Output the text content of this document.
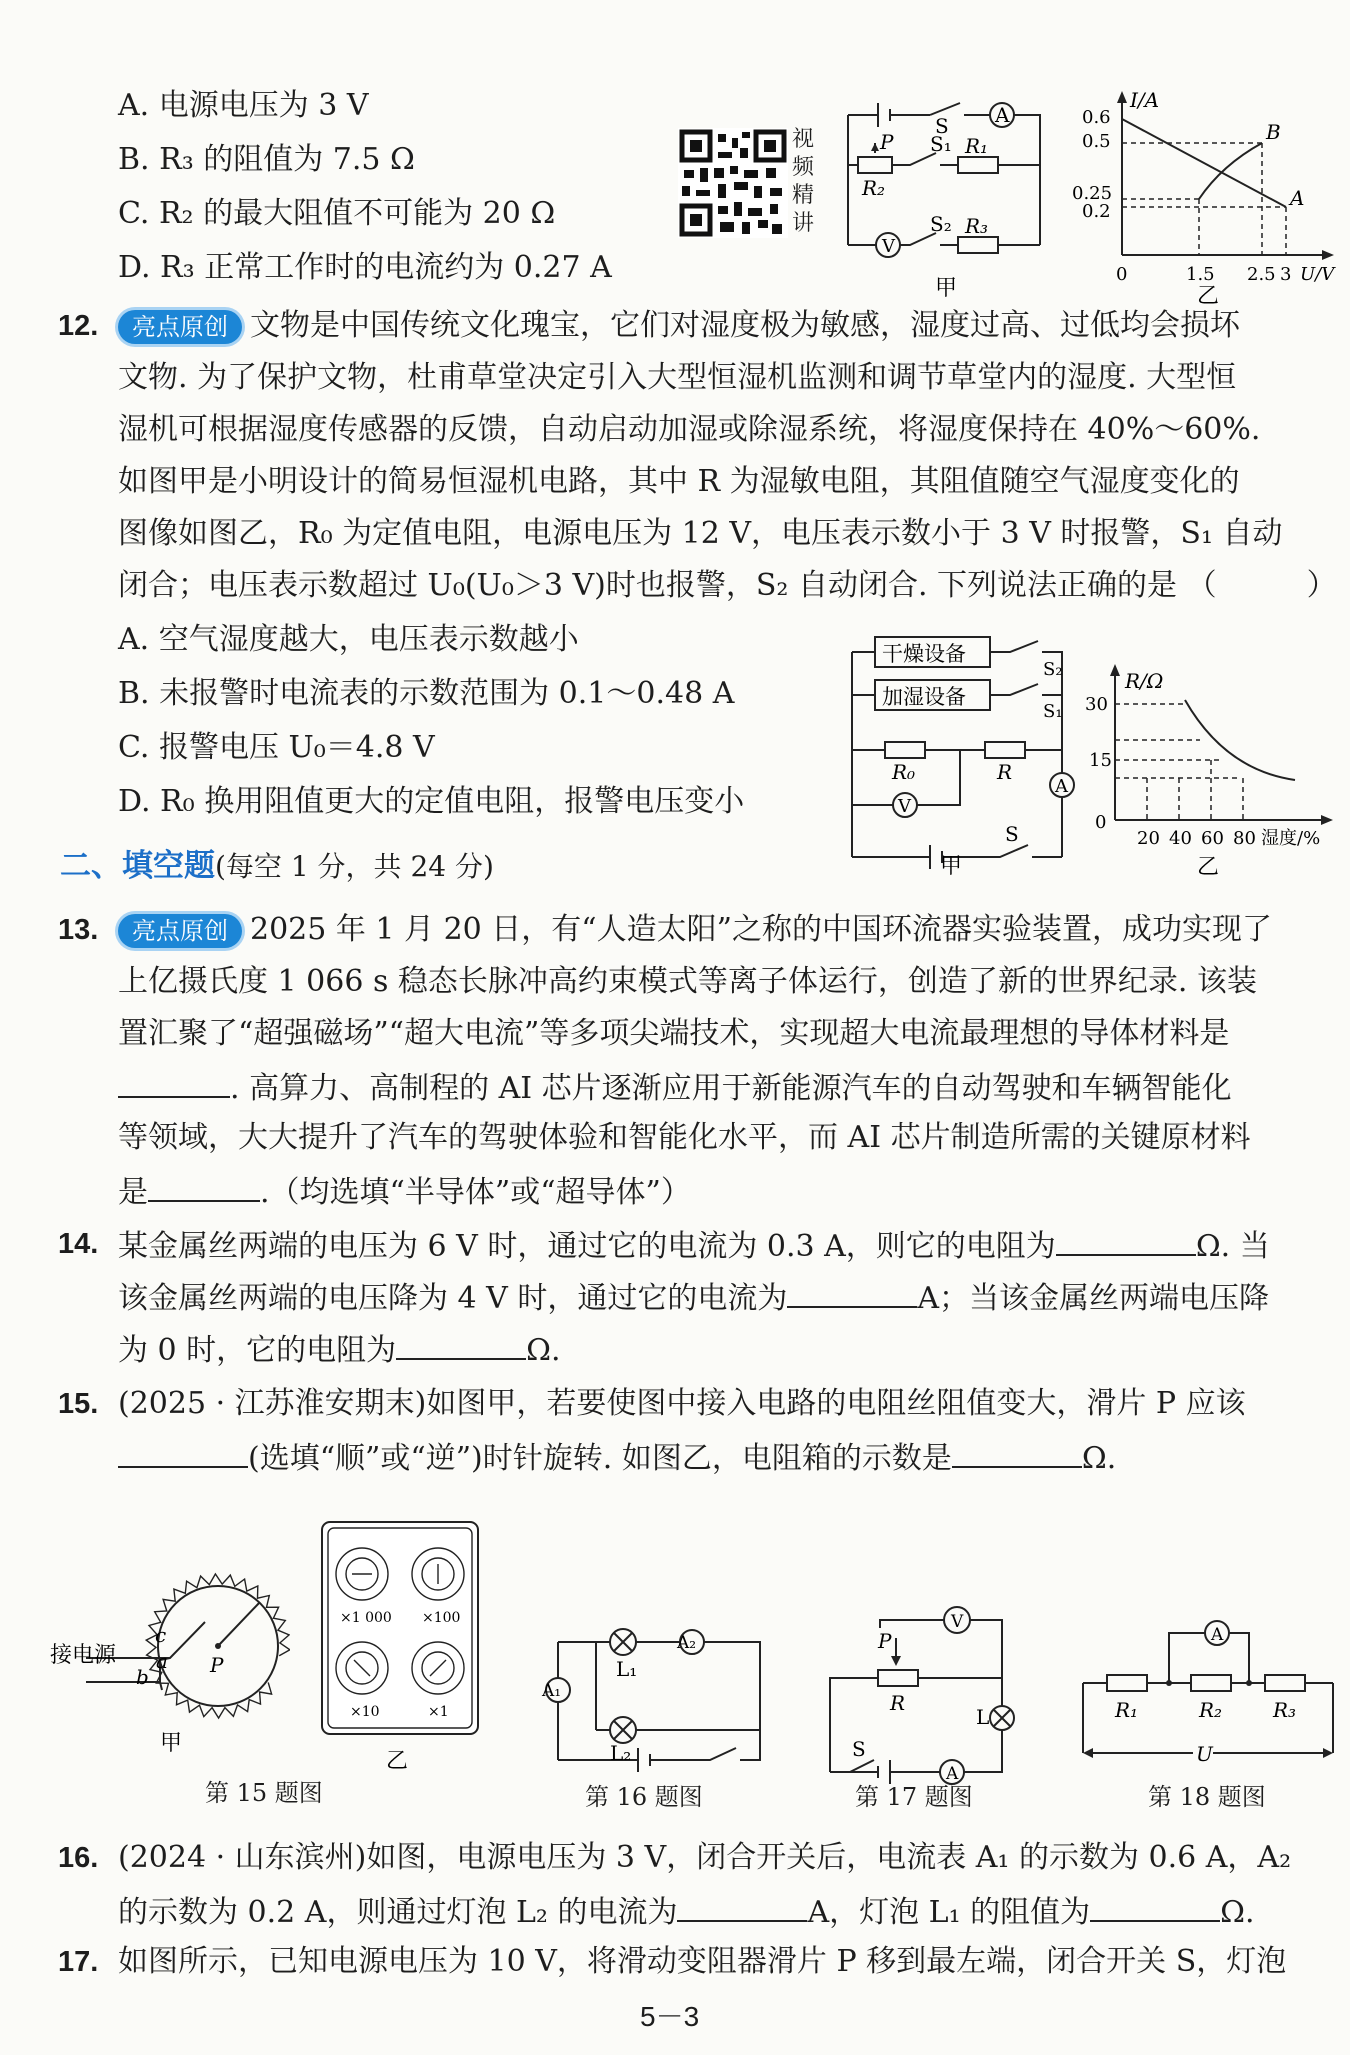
A. 电源电压为 3 V
B. R₃ 的阻值为 7.5 Ω
C. R₂ 的最大阻值不可能为 20 Ω
D. R₃ 正常工作时的电流约为 0.27 A
视
频
精
讲
S A
P S₁ R₁
R₂
S₂ R₃
V
甲
I/A
0.6
0.5
0.25
0.2
0	1.5 2.5 3 U/V
B
A
乙
12.	亮点原创 文物是中国传统文化瑰宝，它们对湿度极为敏感，湿度过高、过低均会损坏
文物. 为了保护文物，杜甫草堂决定引入大型恒湿机监测和调节草堂内的湿度. 大型恒
湿机可根据湿度传感器的反馈，自动启动加湿或除湿系统，将湿度保持在 40%～60%.
如图甲是小明设计的简易恒湿机电路，其中 R 为湿敏电阻，其阻值随空气湿度变化的
图像如图乙，R₀ 为定值电阻，电源电压为 12 V，电压表示数小于 3 V 时报警，S₁ 自动
闭合；电压表示数超过 U₀(U₀＞3 V)时也报警，S₂ 自动闭合. 下列说法正确的是 （	）
A. 空气湿度越大，电压表示数越小
B. 未报警时电流表的示数范围为 0.1～0.48 A
C. 报警电压 U₀＝4.8 V
D. R₀ 换用阻值更大的定值电阻，报警电压变小
干燥设备
加湿设备
S₂
S₁
R₀	R
A
V
S
甲
R/Ω
30
15
0
20 40 60 80 湿度/%
乙
二、填空题(每空 1 分，共 24 分)
13.	亮点原创 2025 年 1 月 20 日，有“人造太阳”之称的中国环流器实验装置，成功实现了
上亿摄氏度 1 066 s 稳态长脉冲高约束模式等离子体运行，创造了新的世界纪录. 该装
置汇聚了“超强磁场”“超大电流”等多项尖端技术，实现超大电流最理想的导体材料是
. 高算力、高制程的 AI 芯片逐渐应用于新能源汽车的自动驾驶和车辆智能化
等领域，大大提升了汽车的驾驶体验和智能化水平，而 AI 芯片制造所需的关键原材料
是	.（均选填“半导体”或“超导体”）
14. 某金属丝两端的电压为 6 V 时，通过它的电流为 0.3 A，则它的电阻为	Ω. 当
该金属丝两端的电压降为 4 V 时，通过它的电流为	A；当该金属丝两端电压降
为 0 时，它的电阻为	Ω.
15. (2025 · 江苏淮安期末)如图甲，若要使图中接入电路的电阻丝阻值变大，滑片 P 应该
(选填“顺”或“逆”)时针旋转. 如图乙，电阻箱的示数是	Ω.
接电源
c
a
b	P
甲
×1 000 ×100
×10	×1
乙
第 15 题图
L₁
L₂
A₁
A₂
第 16 题图
P
R
V
L
S
A
第 17 题图
A
R₁	R₂	R₃
U
第 18 题图
16. (2024 · 山东滨州)如图，电源电压为 3 V，闭合开关后，电流表 A₁ 的示数为 0.6 A，A₂
的示数为 0.2 A，则通过灯泡 L₂ 的电流为	A，灯泡 L₁ 的阻值为	Ω.
17. 如图所示，已知电源电压为 10 V，将滑动变阻器滑片 P 移到最左端，闭合开关 S，灯泡
5－3
